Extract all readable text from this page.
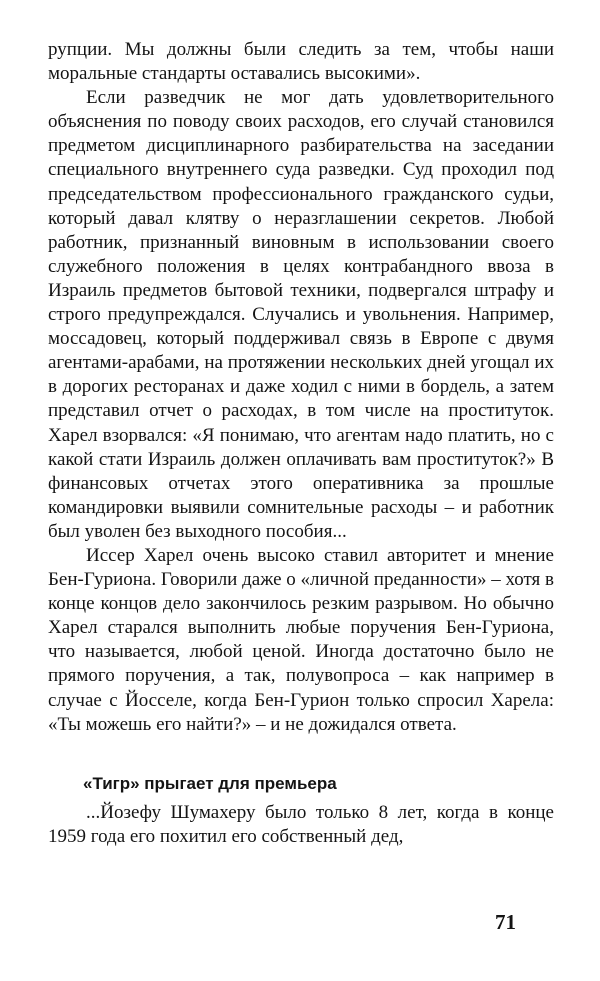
рупции. Мы должны были следить за тем, чтобы наши моральные стандарты оставались высокими».

Если разведчик не мог дать удовлетворительного объяснения по поводу своих расходов, его случай становился предметом дисциплинарного разбирательства на заседании специального внутреннего суда разведки. Суд проходил под председательством профессионального гражданского судьи, который давал клятву о неразглашении секретов. Любой работник, признанный виновным в использовании своего служебного положения в целях контрабандного ввоза в Израиль предметов бытовой техники, подвергался штрафу и строго предупреждался. Случались и увольнения. Например, моссадовец, который поддерживал связь в Европе с двумя агентами-арабами, на протяжении нескольких дней угощал их в дорогих ресторанах и даже ходил с ними в бордель, а затем представил отчет о расходах, в том числе на проституток. Харел взорвался: «Я понимаю, что агентам надо платить, но с какой стати Израиль должен оплачивать вам проституток?» В финансовых отчетах этого оперативника за прошлые командировки выявили сомнительные расходы – и работник был уволен без выходного пособия...

Иссер Харел очень высоко ставил авторитет и мнение Бен-Гуриона. Говорили даже о «личной преданности» – хотя в конце концов дело закончилось резким разрывом. Но обычно Харел старался выполнить любые поручения Бен-Гуриона, что называется, любой ценой. Иногда достаточно было не прямого поручения, а так, полувопроса – как например в случае с Йосселе, когда Бен-Гурион только спросил Харела: «Ты можешь его найти?» – и не дожидался ответа.

«Тигр» прыгает для премьера

...Йозефу Шумахеру было только 8 лет, когда в конце 1959 года его похитил его собственный дед,

71
